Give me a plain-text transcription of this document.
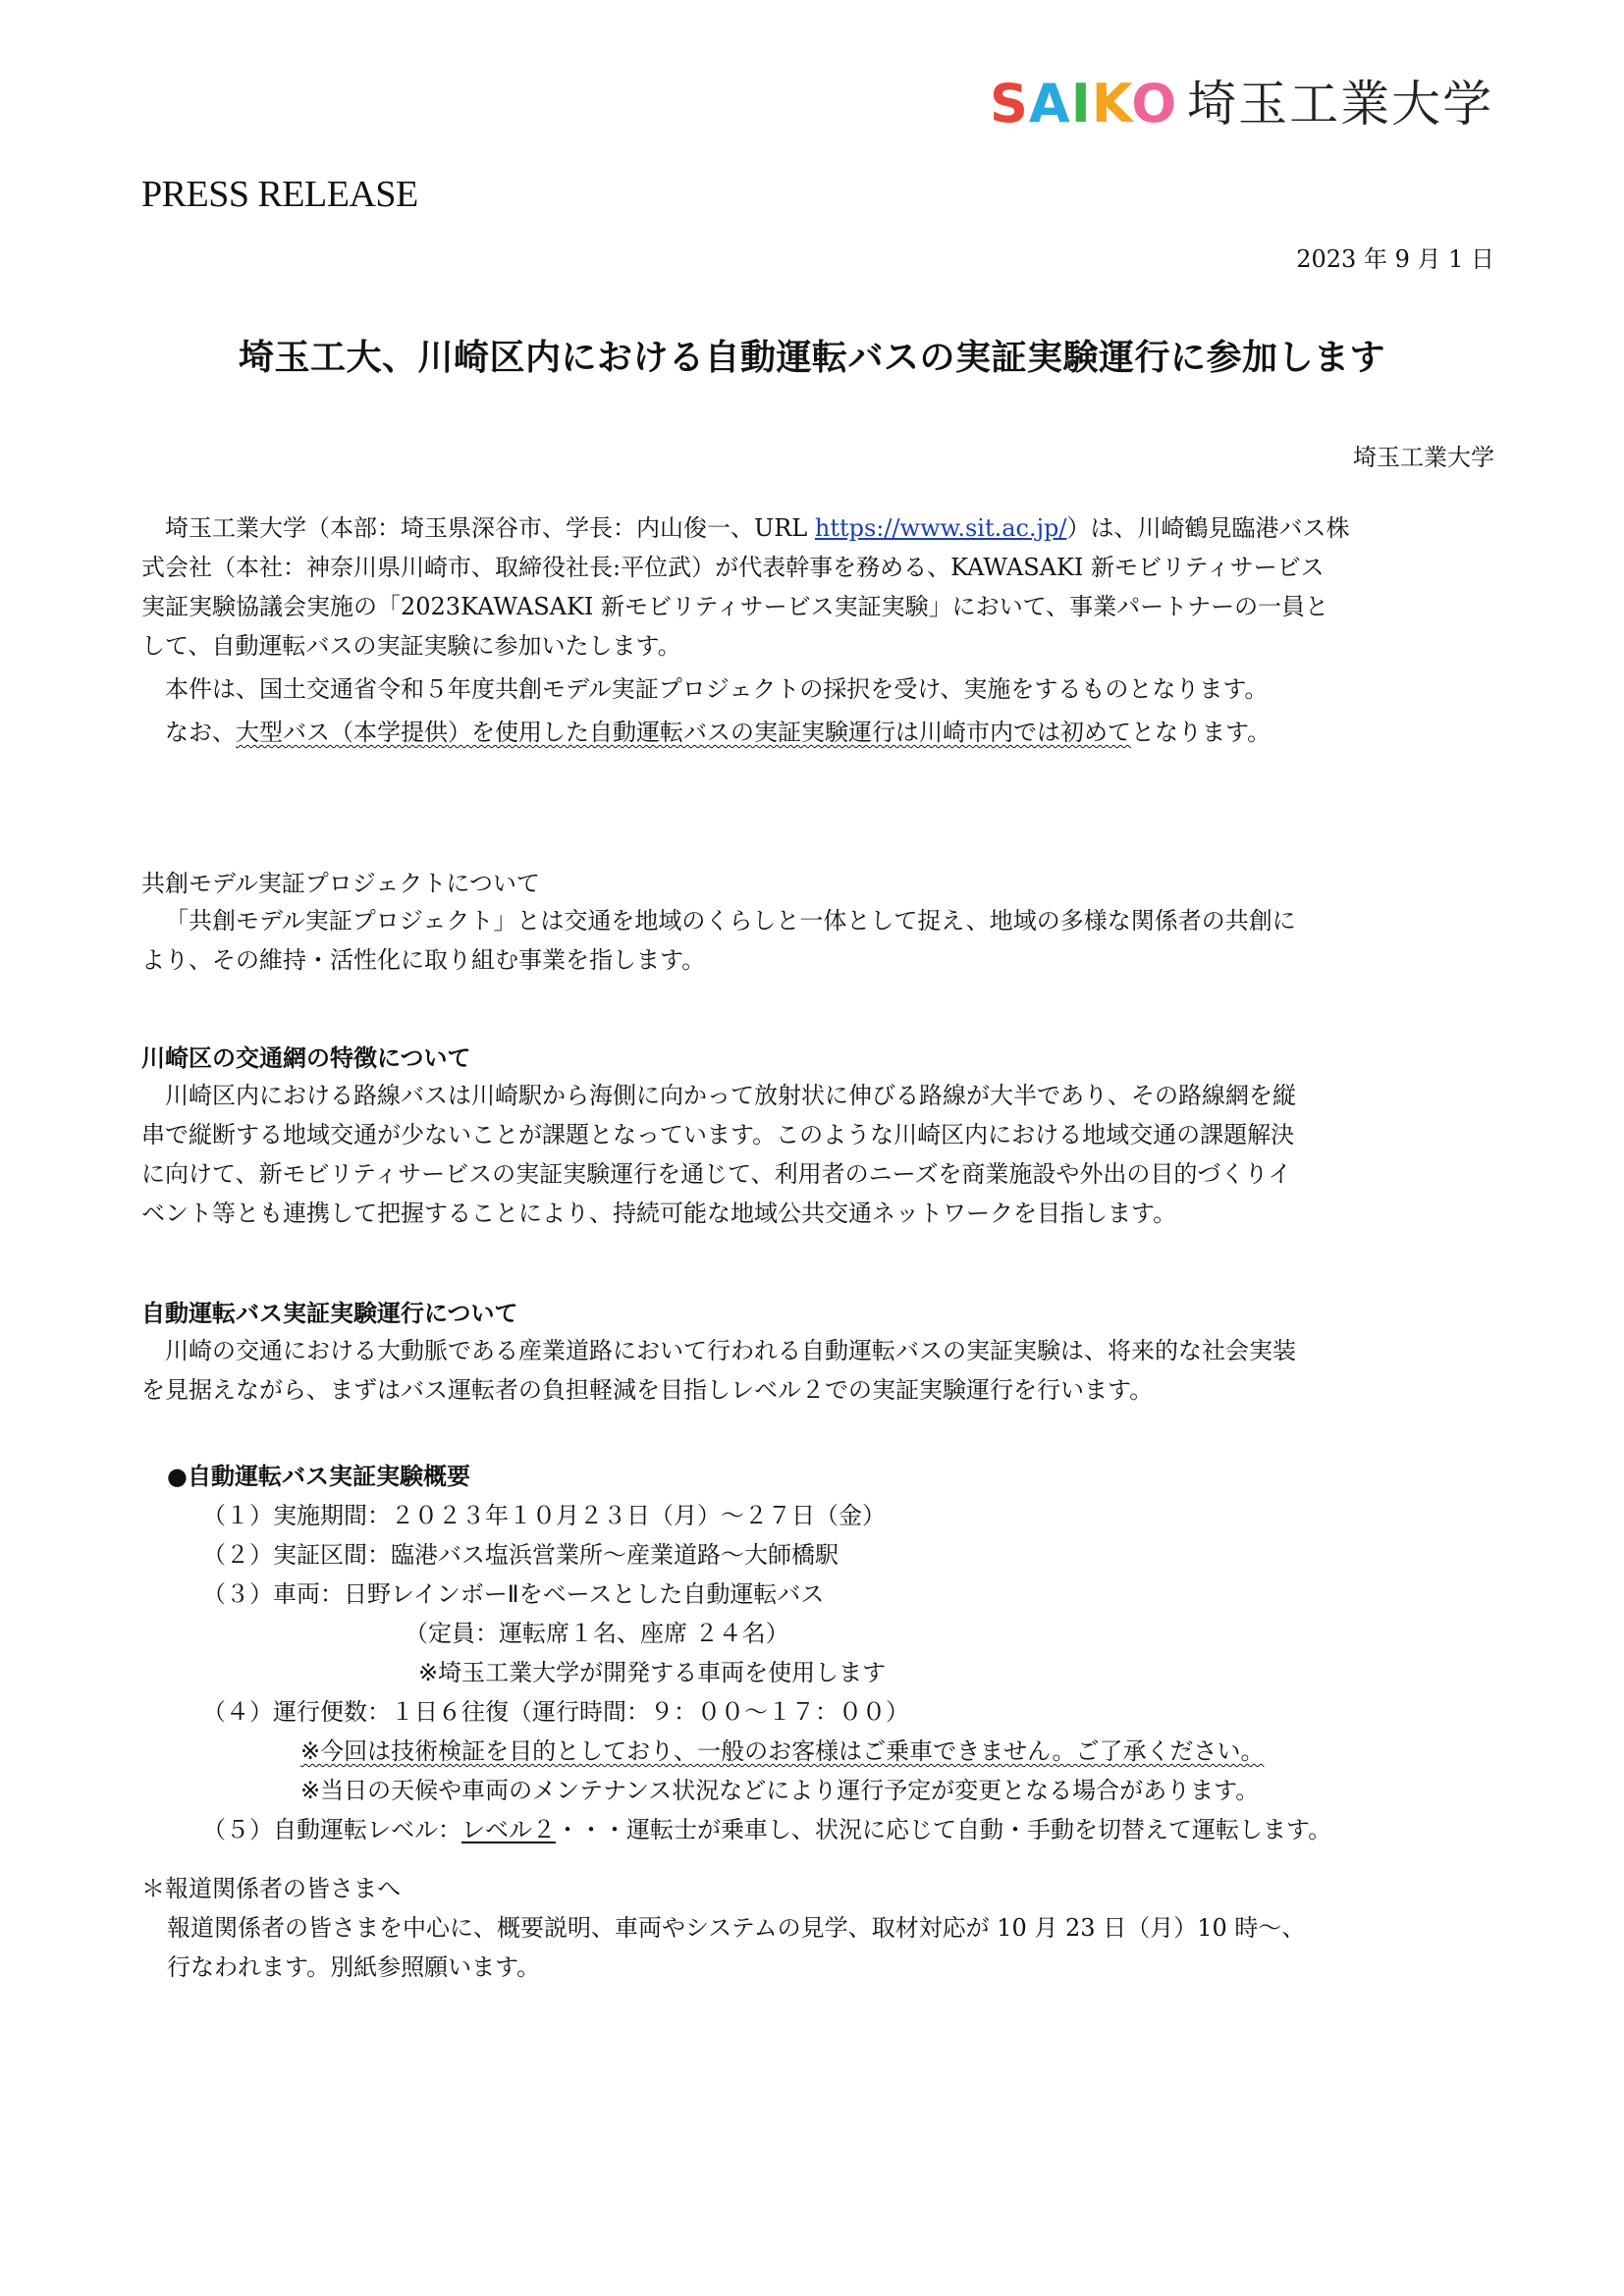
SAIKO 埼玉工業大学
PRESS RELEASE
2023 年 9 月 1 日
埼玉工大、川崎区内における自動運転バスの実証実験運行に参加します
埼玉工業大学
埼玉工業大学（本部：埼玉県深谷市、学長：内山俊一、URL https://www.sit.ac.jp/）は、川崎鶴見臨港バス株
式会社（本社：神奈川県川崎市、取締役社長:平位武）が代表幹事を務める、KAWASAKI 新モビリティサービス
実証実験協議会実施の「2023KAWASAKI 新モビリティサービス実証実験」において、事業パートナーの一員と
して、自動運転バスの実証実験に参加いたします。
本件は、国土交通省令和５年度共創モデル実証プロジェクトの採択を受け、実施をするものとなります。
なお、大型バス（本学提供）を使用した自動運転バスの実証実験運行は川崎市内では初めてとなります。
共創モデル実証プロジェクトについて
「共創モデル実証プロジェクト」とは交通を地域のくらしと一体として捉え、地域の多様な関係者の共創に
より、その維持・活性化に取り組む事業を指します。
川崎区の交通網の特徴について
川崎区内における路線バスは川崎駅から海側に向かって放射状に伸びる路線が大半であり、その路線網を縦
串で縦断する地域交通が少ないことが課題となっています。このような川崎区内における地域交通の課題解決
に向けて、新モビリティサービスの実証実験運行を通じて、利用者のニーズを商業施設や外出の目的づくりイ
ベント等とも連携して把握することにより、持続可能な地域公共交通ネットワークを目指します。
自動運転バス実証実験運行について
川崎の交通における大動脈である産業道路において行われる自動運転バスの実証実験は、将来的な社会実装
を見据えながら、まずはバス運転者の負担軽減を目指しレベル２での実証実験運行を行います。
●自動運転バス実証実験概要
（１）実施期間：２０２３年１０月２３日（月）～２７日（金）
（２）実証区間：臨港バス塩浜営業所～産業道路～大師橋駅
（３）車両：日野レインボーⅡをベースとした自動運転バス
（定員：運転席１名、座席 ２４名）
※埼玉工業大学が開発する車両を使用します
（４）運行便数：１日６往復（運行時間：９：００～１７：００）
※今回は技術検証を目的としており、一般のお客様はご乗車できません。ご了承ください。
※当日の天候や車両のメンテナンス状況などにより運行予定が変更となる場合があります。
（５）自動運転レベル：レベル２・・・運転士が乗車し、状況に応じて自動・手動を切替えて運転します。
＊報道関係者の皆さまへ
報道関係者の皆さまを中心に、概要説明、車両やシステムの見学、取材対応が 10 月 23 日（月）10 時～、
行なわれます。別紙参照願います。
